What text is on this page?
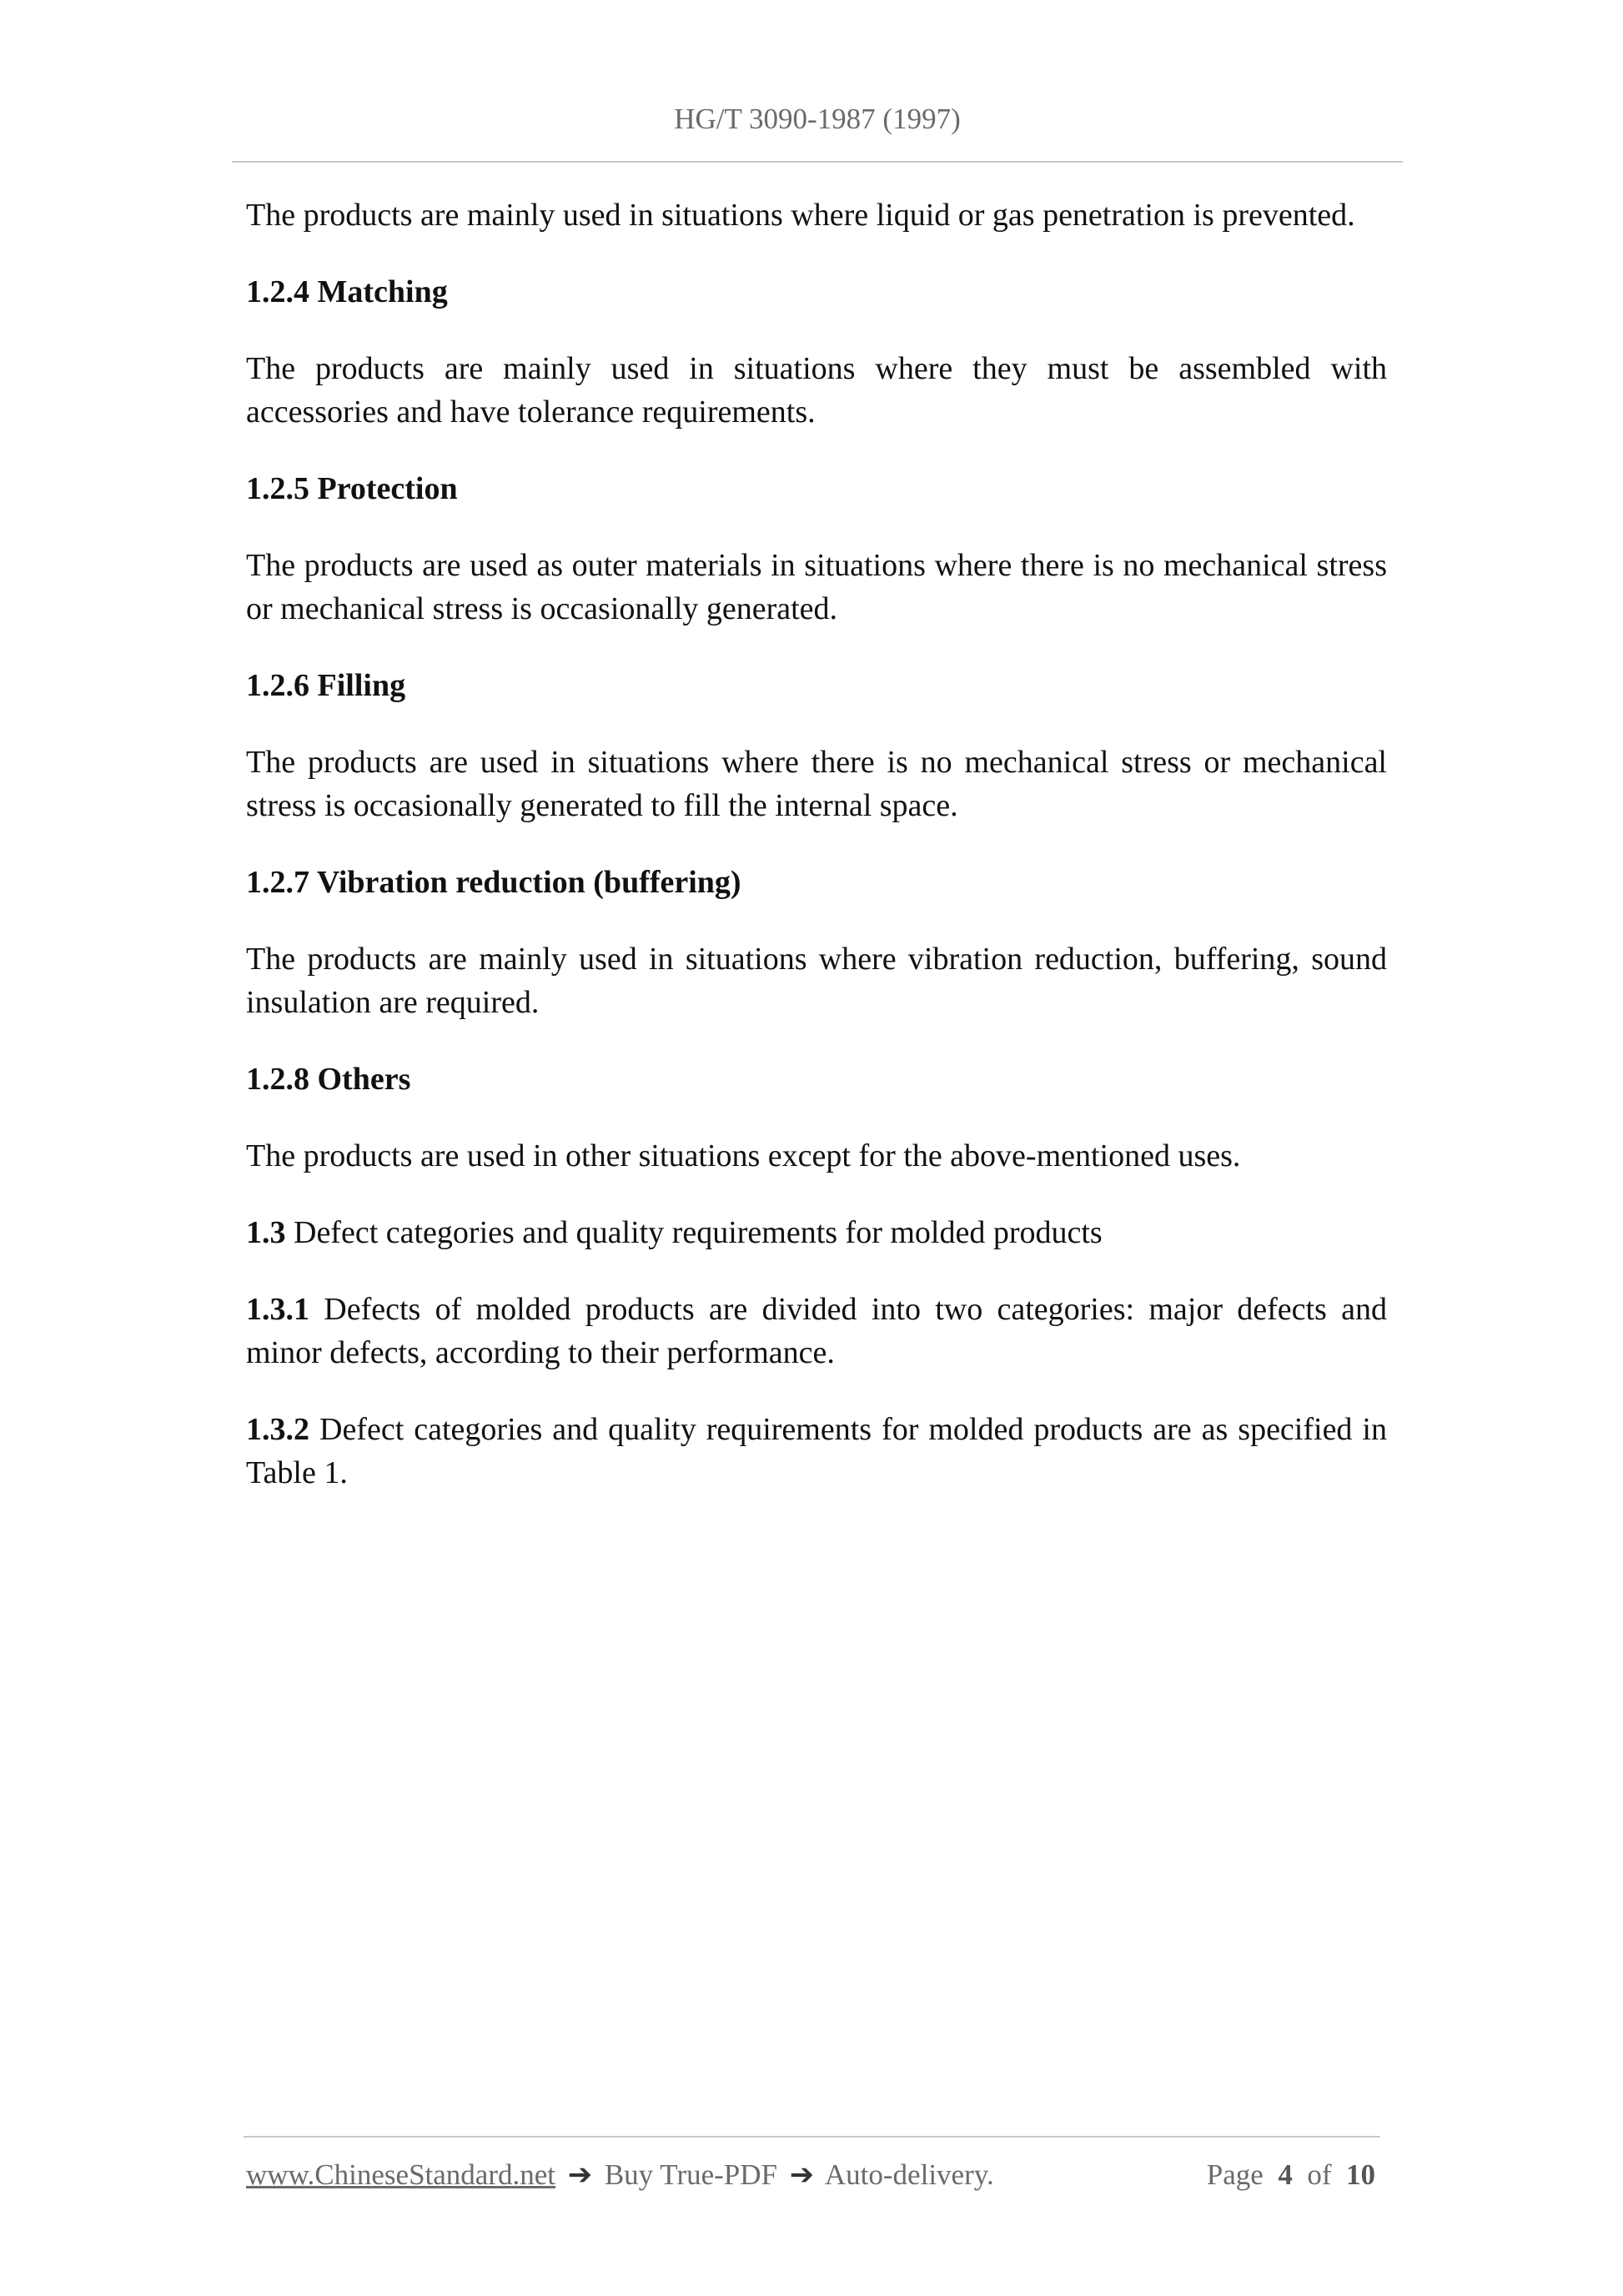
HG/T 3090-1987 (1997)

The products are mainly used in situations where liquid or gas penetration is prevented.

1.2.4 Matching

The products are mainly used in situations where they must be assembled with accessories and have tolerance requirements.

1.2.5 Protection

The products are used as outer materials in situations where there is no mechanical stress or mechanical stress is occasionally generated.

1.2.6 Filling

The products are used in situations where there is no mechanical stress or mechanical stress is occasionally generated to fill the internal space.

1.2.7 Vibration reduction (buffering)

The products are mainly used in situations where vibration reduction, buffering, sound insulation are required.

1.2.8 Others

The products are used in other situations except for the above-mentioned uses.

1.3 Defect categories and quality requirements for molded products

1.3.1 Defects of molded products are divided into two categories: major defects and minor defects, according to their performance.

1.3.2 Defect categories and quality requirements for molded products are as specified in Table 1.

www.ChineseStandard.net ➔ Buy True-PDF ➔ Auto-delivery.	Page 4 of 10
